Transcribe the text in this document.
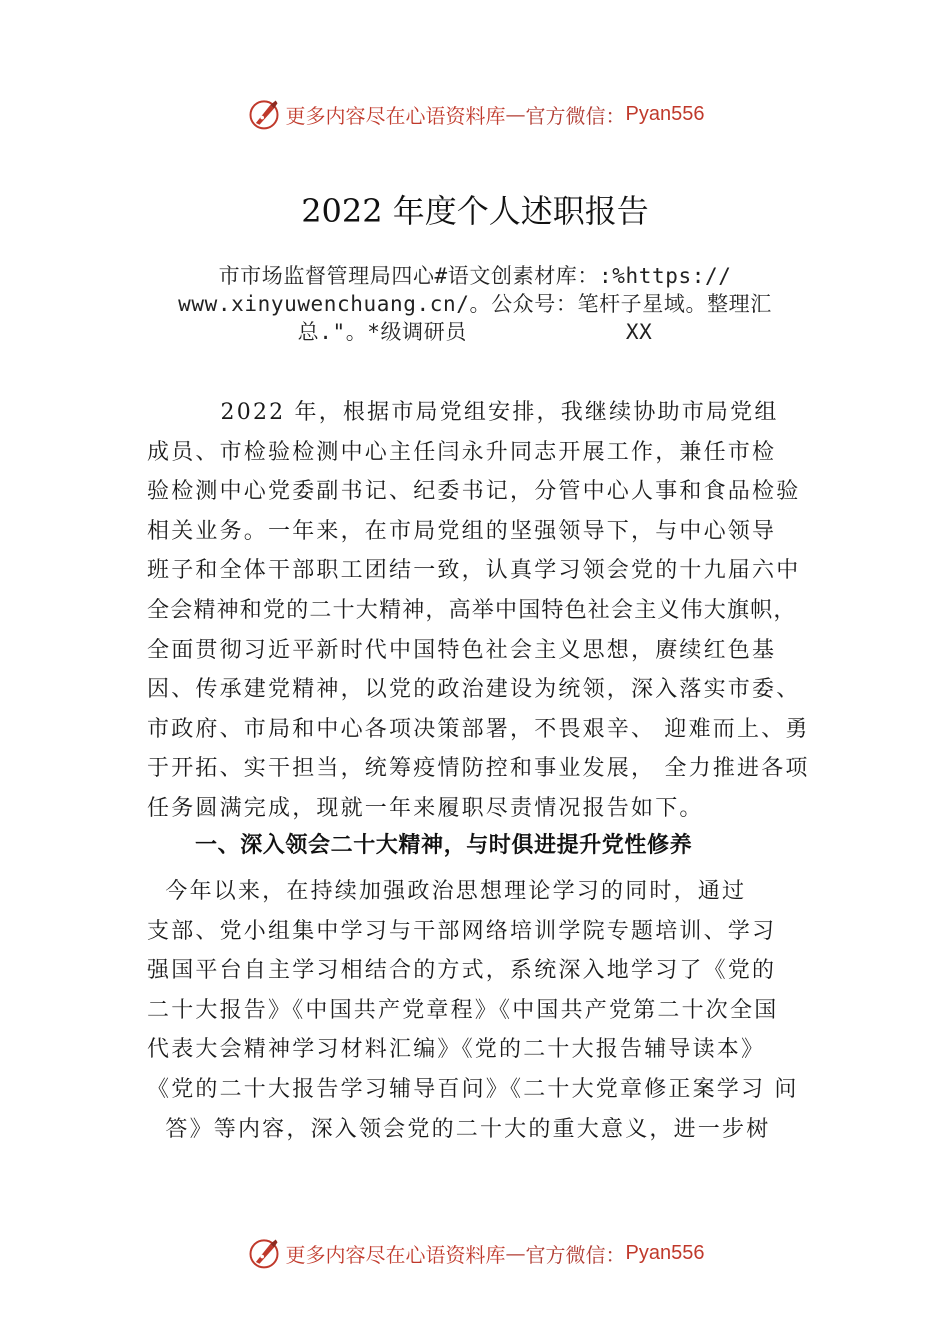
更多内容尽在心语资料库 — 官方微信： Pyan556
2022 年度个人述职报告
市市场监督管理局四心#语文创素材库：:%https://
www.xinyuwenchuang.cn/。公众号：笔杆子星域。整理汇
总."。*级调研员            XX
2022 年，根据市局党组安排，我继续协助市局党组
成员、市检验检测中心主任闫永升同志开展工作，兼任市检
验检测中心党委副书记、纪委书记，分管中心人事和食品检验
相关业务。一年来，在市局党组的坚强领导下，与中心领导
班子和全体干部职工团结一致，认真学习领会党的十九届六中
全会精神和党的二十大精神，高举中国特色社会主义伟大旗帜，
全面贯彻习近平新时代中国特色社会主义思想，赓续红色基
因、传承建党精神，以党的政治建设为统领，深入落实市委、
市政府、市局和中心各项决策部署，不畏艰辛、 迎难而上、勇
于开拓、实干担当，统筹疫情防控和事业发展， 全力推进各项
任务圆满完成，现就一年来履职尽责情况报告如下。
一、深入领会二十大精神，与时俱进提升党性修养
今年以来，在持续加强政治思想理论学习的同时，通过
支部、党小组集中学习与干部网络培训学院专题培训、学习
强国平台自主学习相结合的方式，系统深入地学习了《党的
二十大报告》《中国共产党章程》《中国共产党第二十次全国
代表大会精神学习材料汇编》《党的二十大报告辅导读本》
《党的二十大报告学习辅导百问》《二十大党章修正案学习 问
答》等内容，深入领会党的二十大的重大意义，进一步树
更多内容尽在心语资料库 — 官方微信： Pyan556
